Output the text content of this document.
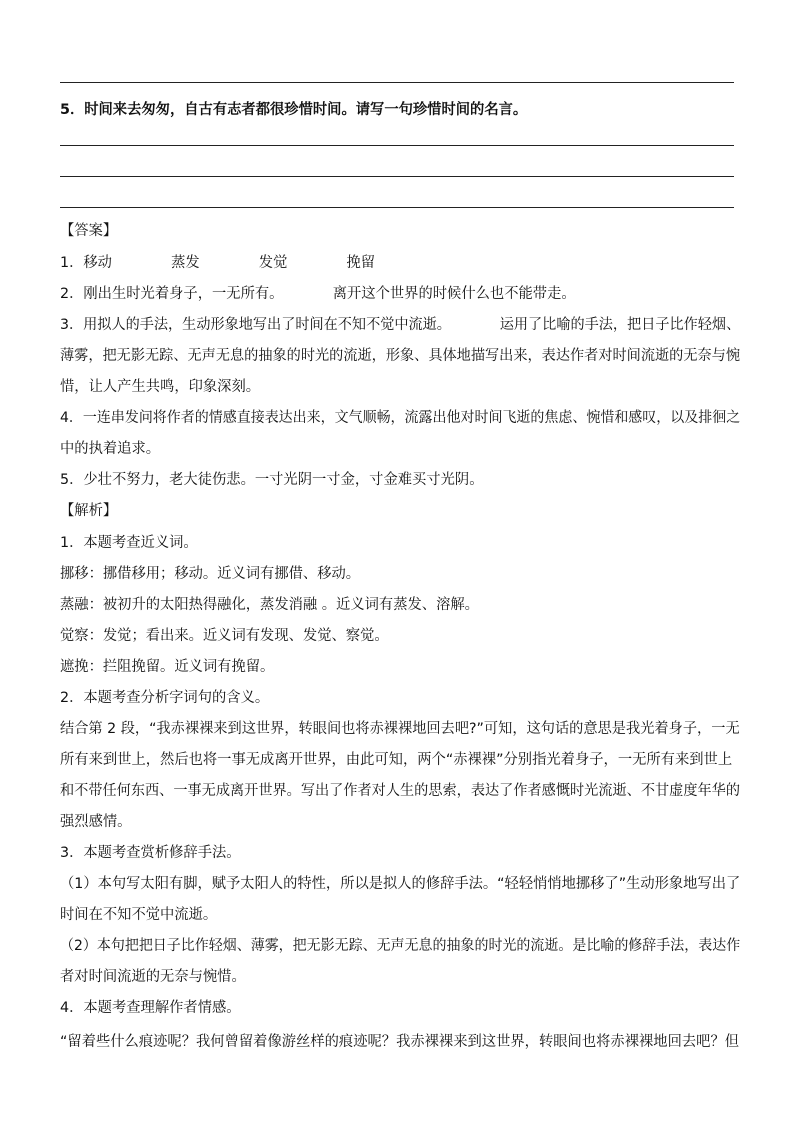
5．时间来去匆匆，自古有志者都很珍惜时间。请写一句珍惜时间的名言。
【答案】
1．移动	蒸发	发觉	挽留
2．刚出生时光着身子，一无所有。	离开这个世界的时候什么也不能带走。
3．用拟人的手法，生动形象地写出了时间在不知不觉中流逝。	运用了比喻的手法，把日子比作轻烟、
薄雾，把无影无踪、无声无息的抽象的时光的流逝，形象、具体地描写出来，表达作者对时间流逝的无奈与惋
惜，让人产生共鸣，印象深刻。
4．一连串发问将作者的情感直接表达出来，文气顺畅，流露出他对时间飞逝的焦虑、惋惜和感叹，以及排徊之
中的执着追求。
5．少壮不努力，老大徒伤悲。一寸光阴一寸金，寸金难买寸光阴。
【解析】
1．本题考查近义词。
挪移：挪借移用；移动。近义词有挪借、移动。
蒸融：被初升的太阳热得融化，蒸发消融 。近义词有蒸发、溶解。
觉察：发觉；看出来。近义词有发现、发觉、察觉。
遮挽：拦阻挽留。近义词有挽留。
2．本题考查分析字词句的含义。
结合第 2 段，“我赤裸裸来到这世界，转眼间也将赤裸裸地回去吧?”可知，这句话的意思是我光着身子，一无
所有来到世上，然后也将一事无成离开世界，由此可知，两个“赤裸裸”分别指光着身子，一无所有来到世上
和不带任何东西、一事无成离开世界。写出了作者对人生的思索，表达了作者感慨时光流逝、不甘虚度年华的
强烈感情。
3．本题考查赏析修辞手法。
（1）本句写太阳有脚，赋予太阳人的特性，所以是拟人的修辞手法。“轻轻悄悄地挪移了”生动形象地写出了
时间在不知不觉中流逝。
（2）本句把把日子比作轻烟、薄雾，把无影无踪、无声无息的抽象的时光的流逝。是比喻的修辞手法，表达作
者对时间流逝的无奈与惋惜。
4．本题考查理解作者情感。
“留着些什么痕迹呢？我何曾留着像游丝样的痕迹呢？我赤裸裸来到这世界，转眼间也将赤裸裸地回去吧？但
